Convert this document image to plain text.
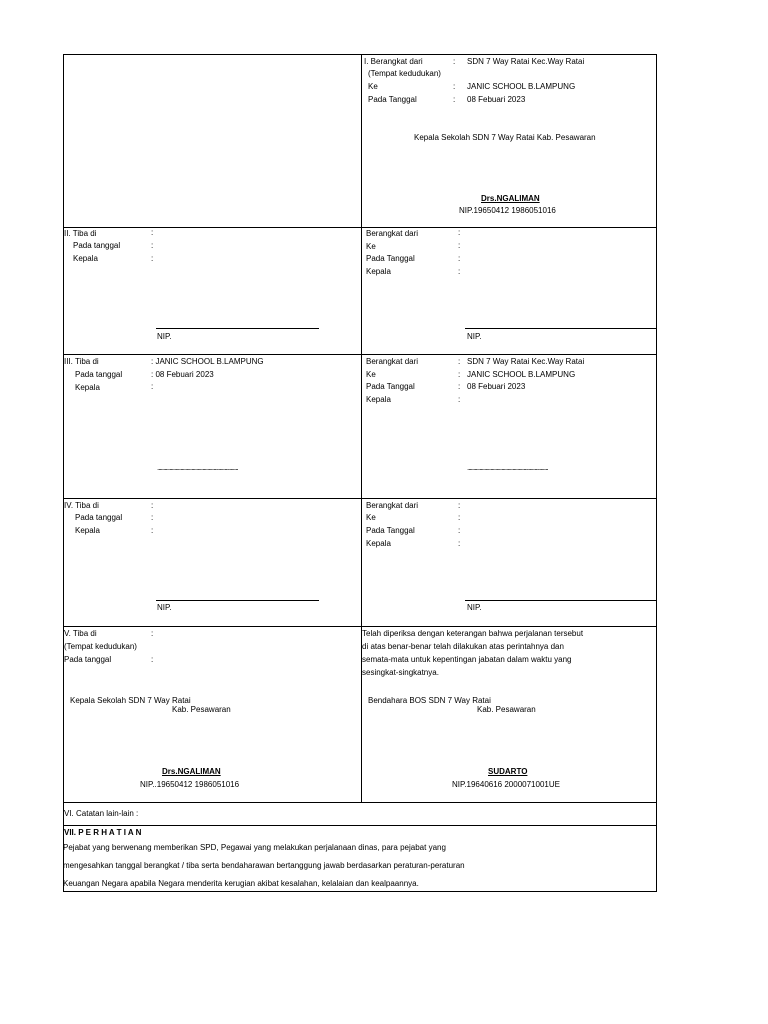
I. Berangkat dari
(Tempat kedudukan)
Ke
Pada Tanggal
:
:
:
SDN 7 Way Ratai Kec.Way Ratai
JANIC SCHOOL B.LAMPUNG
08 Febuari 2023
Kepala Sekolah SDN 7 Way Ratai Kab. Pesawaran
Drs.NGALIMAN
NIP.19650412 1986051016
II. Tiba di
Pada tanggal
Kepala
:
:
:
NIP.
Berangkat dari
Ke
Pada Tanggal
Kepala
:
:
:
:
NIP.
III. Tiba di
Pada tanggal
Kepala
: JANIC SCHOOL B.LAMPUNG
: 08 Febuari 2023
:
..................................................................
Berangkat dari
Ke
Pada Tanggal
Kepala
:
:
:
:
SDN 7 Way Ratai Kec.Way Ratai
JANIC SCHOOL B.LAMPUNG
08 Febuari 2023
..................................................................
IV. Tiba di
Pada tanggal
Kepala
:
:
:
NIP.
Berangkat dari
Ke
Pada Tanggal
Kepala
:
:
:
:
NIP.
V. Tiba di
(Tempat kedudukan)
Pada tanggal
:
:
Telah diperiksa dengan keterangan bahwa perjalanan tersebut
di atas benar-benar telah dilakukan atas perintahnya dan
semata-mata untuk kepentingan jabatan dalam waktu yang
sesingkat-singkatnya.
Kepala Sekolah SDN 7 Way Ratai
Kab. Pesawaran
Drs.NGALIMAN
NIP..19650412 1986051016
Bendahara BOS SDN 7 Way Ratai
Kab. Pesawaran
SUDARTO
NIP.19640616 2000071001UE
VI. Catatan lain-lain :
VII. P E R H A T I A N
Pejabat yang berwenang memberikan SPD, Pegawai yang melakukan perjalanaan dinas, para pejabat yang
mengesahkan tanggal berangkat / tiba serta bendaharawan bertanggung jawab berdasarkan peraturan-peraturan
Keuangan Negara apabila Negara menderita kerugian akibat kesalahan, kelalaian dan kealpaannya.
